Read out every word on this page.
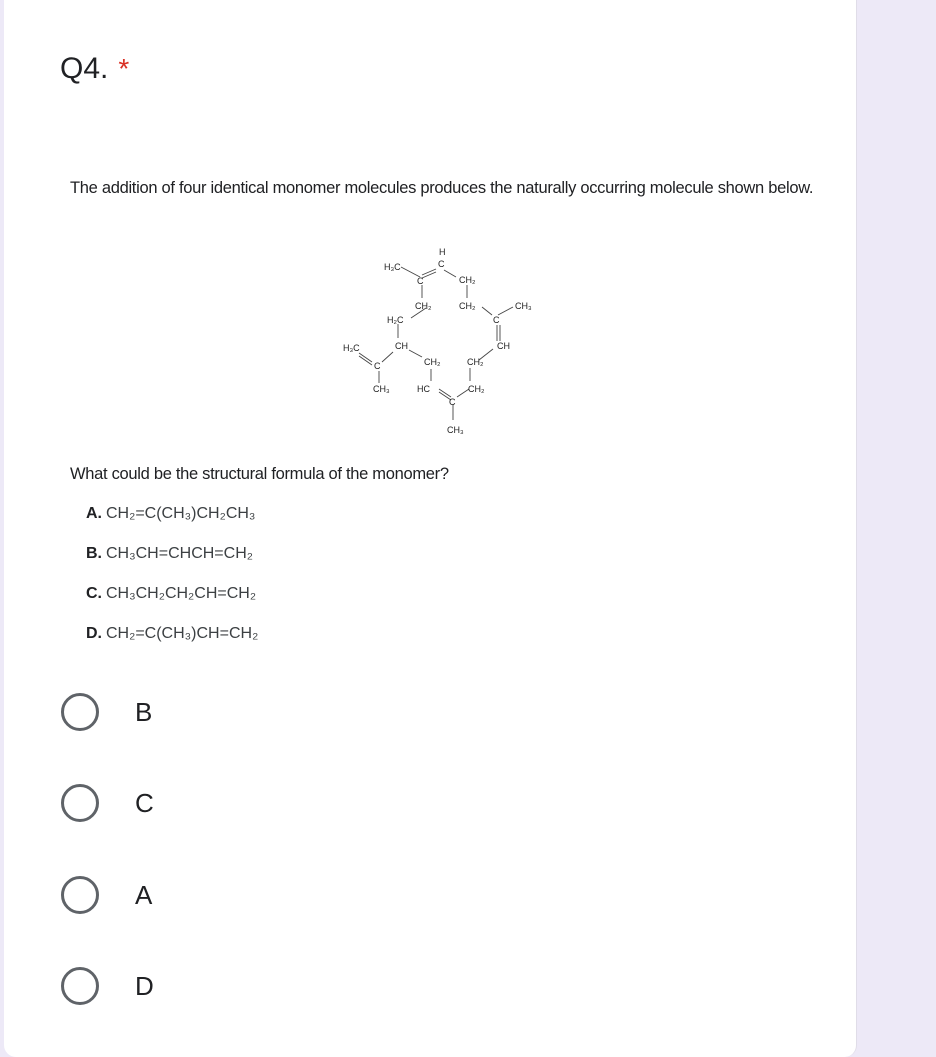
Q4. *
The addition of four identical monomer molecules produces the naturally occurring molecule shown below.
H
C
H₃C
C	CH₂
CH₂	CH₂	CH₃
H₂C	C
H₃C	CH	CH
C	CH₂	CH₂
CH₃	HC	CH₂
C
CH₃
What could be the structural formula of the monomer?
A. CH₂=C(CH₃)CH₂CH₃
B. CH₃CH=CHCH=CH₂
C. CH₃CH₂CH₂CH=CH₂
D. CH₂=C(CH₃)CH=CH₂
B
C
A
D
